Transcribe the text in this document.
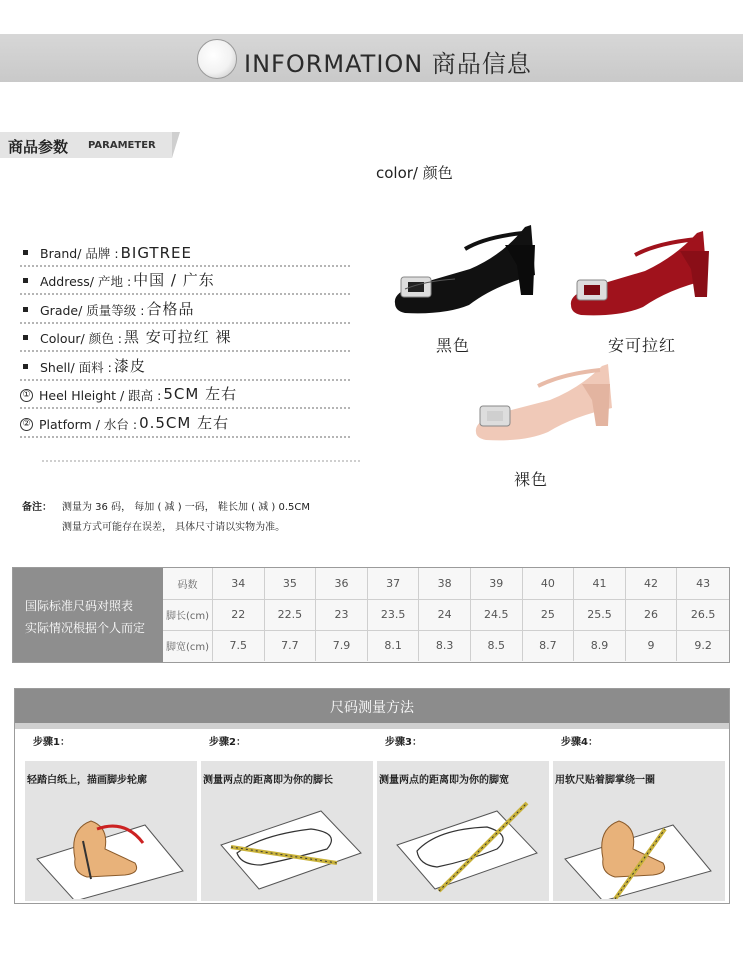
INFORMATION 商品信息
商品参数 PARAMETER
color/ 颜色
Brand/ 品牌 : BIGTREE
Address/ 产地 : 中国 / 广东
Grade/ 质量等级 : 合格品
Colour/ 颜色 : 黑 安可拉红 裸
Shell/ 面料 : 漆皮
① Heel Hleight / 跟高 : 5CM 左右
② Platform / 水台 : 0.5CM 左右
黑色	安可拉红
裸色
备注： 测量为 36 码， 每加 ( 减 ) 一码， 鞋长加 ( 减 ) 0.5CM
测量方式可能存在误差， 具体尺寸请以实物为准。
国际标准尺码对照表
实际情况根据个人而定
码数	34	35	36	37	38	39	40	41	42	43
脚长(cm)	22	22.5	23	23.5	24	24.5	25	25.5	26	26.5
脚宽(cm)	7.5	7.7	7.9	8.1	8.3	8.5	8.7	8.9	9	9.2
尺码测量方法
步骤1：
轻踏白纸上，描画脚步轮廓
步骤2：
测量两点的距离即为你的脚长
步骤3：
测量两点的距离即为你的脚宽
步骤4：
用软尺贴着脚掌绕一圈
